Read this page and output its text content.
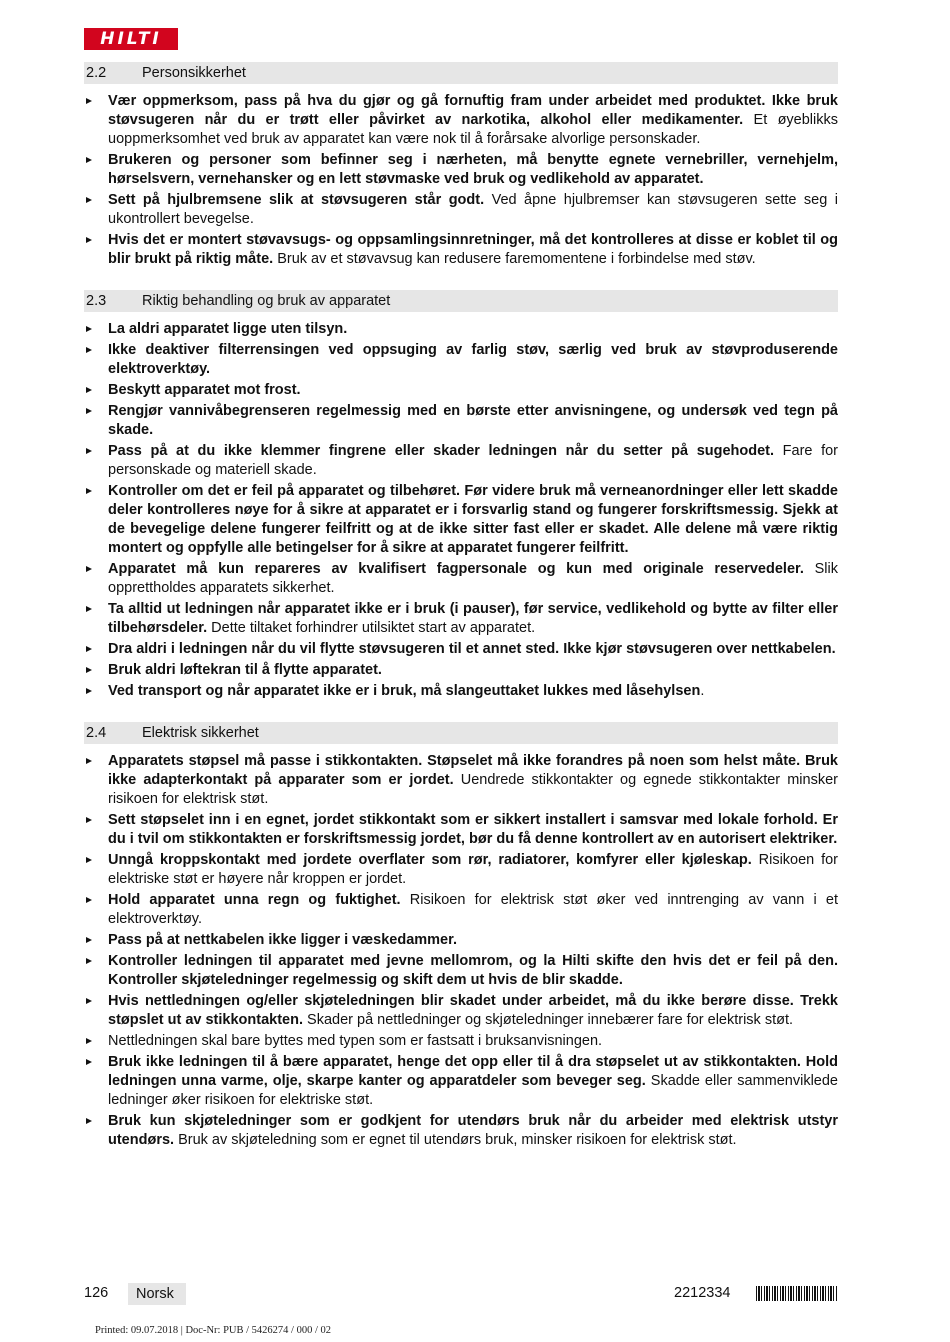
HILTI
2.2	Personsikkerhet
Vær oppmerksom, pass på hva du gjør og gå fornuftig fram under arbeidet med produktet. Ikke bruk støvsugeren når du er trøtt eller påvirket av narkotika, alkohol eller medikamenter. Et øyeblikks uoppmerksomhet ved bruk av apparatet kan være nok til å forårsake alvorlige personskader.
Brukeren og personer som befinner seg i nærheten, må benytte egnete vernebriller, vernehjelm, hørselsvern, vernehansker og en lett støvmaske ved bruk og vedlikehold av apparatet.
Sett på hjulbremsene slik at støvsugeren står godt. Ved åpne hjulbremser kan støvsugeren sette seg i ukontrollert bevegelse.
Hvis det er montert støvavsugs- og oppsamlingsinnretninger, må det kontrolleres at disse er koblet til og blir brukt på riktig måte. Bruk av et støvavsug kan redusere faremomentene i forbindelse med støv.
2.3	Riktig behandling og bruk av apparatet
La aldri apparatet ligge uten tilsyn.
Ikke deaktiver filterrensingen ved oppsuging av farlig støv, særlig ved bruk av støvproduserende elektroverktøy.
Beskytt apparatet mot frost.
Rengjør vannivåbegrenseren regelmessig med en børste etter anvisningene, og undersøk ved tegn på skade.
Pass på at du ikke klemmer fingrene eller skader ledningen når du setter på sugehodet. Fare for personskade og materiell skade.
Kontroller om det er feil på apparatet og tilbehøret. Før videre bruk må verneanordninger eller lett skadde deler kontrolleres nøye for å sikre at apparatet er i forsvarlig stand og fungerer forskriftsmessig. Sjekk at de bevegelige delene fungerer feilfritt og at de ikke sitter fast eller er skadet. Alle delene må være riktig montert og oppfylle alle betingelser for å sikre at apparatet fungerer feilfritt.
Apparatet må kun repareres av kvalifisert fagpersonale og kun med originale reservedeler. Slik opprettholdes apparatets sikkerhet.
Ta alltid ut ledningen når apparatet ikke er i bruk (i pauser), før service, vedlikehold og bytte av filter eller tilbehørsdeler. Dette tiltaket forhindrer utilsiktet start av apparatet.
Dra aldri i ledningen når du vil flytte støvsugeren til et annet sted. Ikke kjør støvsugeren over nettkabelen.
Bruk aldri løftekran til å flytte apparatet.
Ved transport og når apparatet ikke er i bruk, må slangeuttaket lukkes med låsehylsen.
2.4	Elektrisk sikkerhet
Apparatets støpsel må passe i stikkontakten. Støpselet må ikke forandres på noen som helst måte. Bruk ikke adapterkontakt på apparater som er jordet. Uendrede stikkontakter og egnede stikkontakter minsker risikoen for elektrisk støt.
Sett støpselet inn i en egnet, jordet stikkontakt som er sikkert installert i samsvar med lokale forhold. Er du i tvil om stikkontakten er forskriftsmessig jordet, bør du få denne kontrollert av en autorisert elektriker.
Unngå kroppskontakt med jordete overflater som rør, radiatorer, komfyrer eller kjøleskap. Risikoen for elektriske støt er høyere når kroppen er jordet.
Hold apparatet unna regn og fuktighet. Risikoen for elektrisk støt øker ved inntrenging av vann i et elektroverktøy.
Pass på at nettkabelen ikke ligger i væskedammer.
Kontroller ledningen til apparatet med jevne mellomrom, og la Hilti skifte den hvis det er feil på den. Kontroller skjøteledninger regelmessig og skift dem ut hvis de blir skadde.
Hvis nettledningen og/eller skjøteledningen blir skadet under arbeidet, må du ikke berøre disse. Trekk støpslet ut av stikkontakten. Skader på nettledninger og skjøteledninger innebærer fare for elektrisk støt.
Nettledningen skal bare byttes med typen som er fastsatt i bruksanvisningen.
Bruk ikke ledningen til å bære apparatet, henge det opp eller til å dra støpselet ut av stikkontakten. Hold ledningen unna varme, olje, skarpe kanter og apparatdeler som beveger seg. Skadde eller sammenviklede ledninger øker risikoen for elektriske støt.
Bruk kun skjøteledninger som er godkjent for utendørs bruk når du arbeider med elektrisk utstyr utendørs. Bruk av skjøteledning som er egnet til utendørs bruk, minsker risikoen for elektrisk støt.
126	Norsk	2212334
Printed: 09.07.2018 | Doc-Nr: PUB / 5426274 / 000 / 02
